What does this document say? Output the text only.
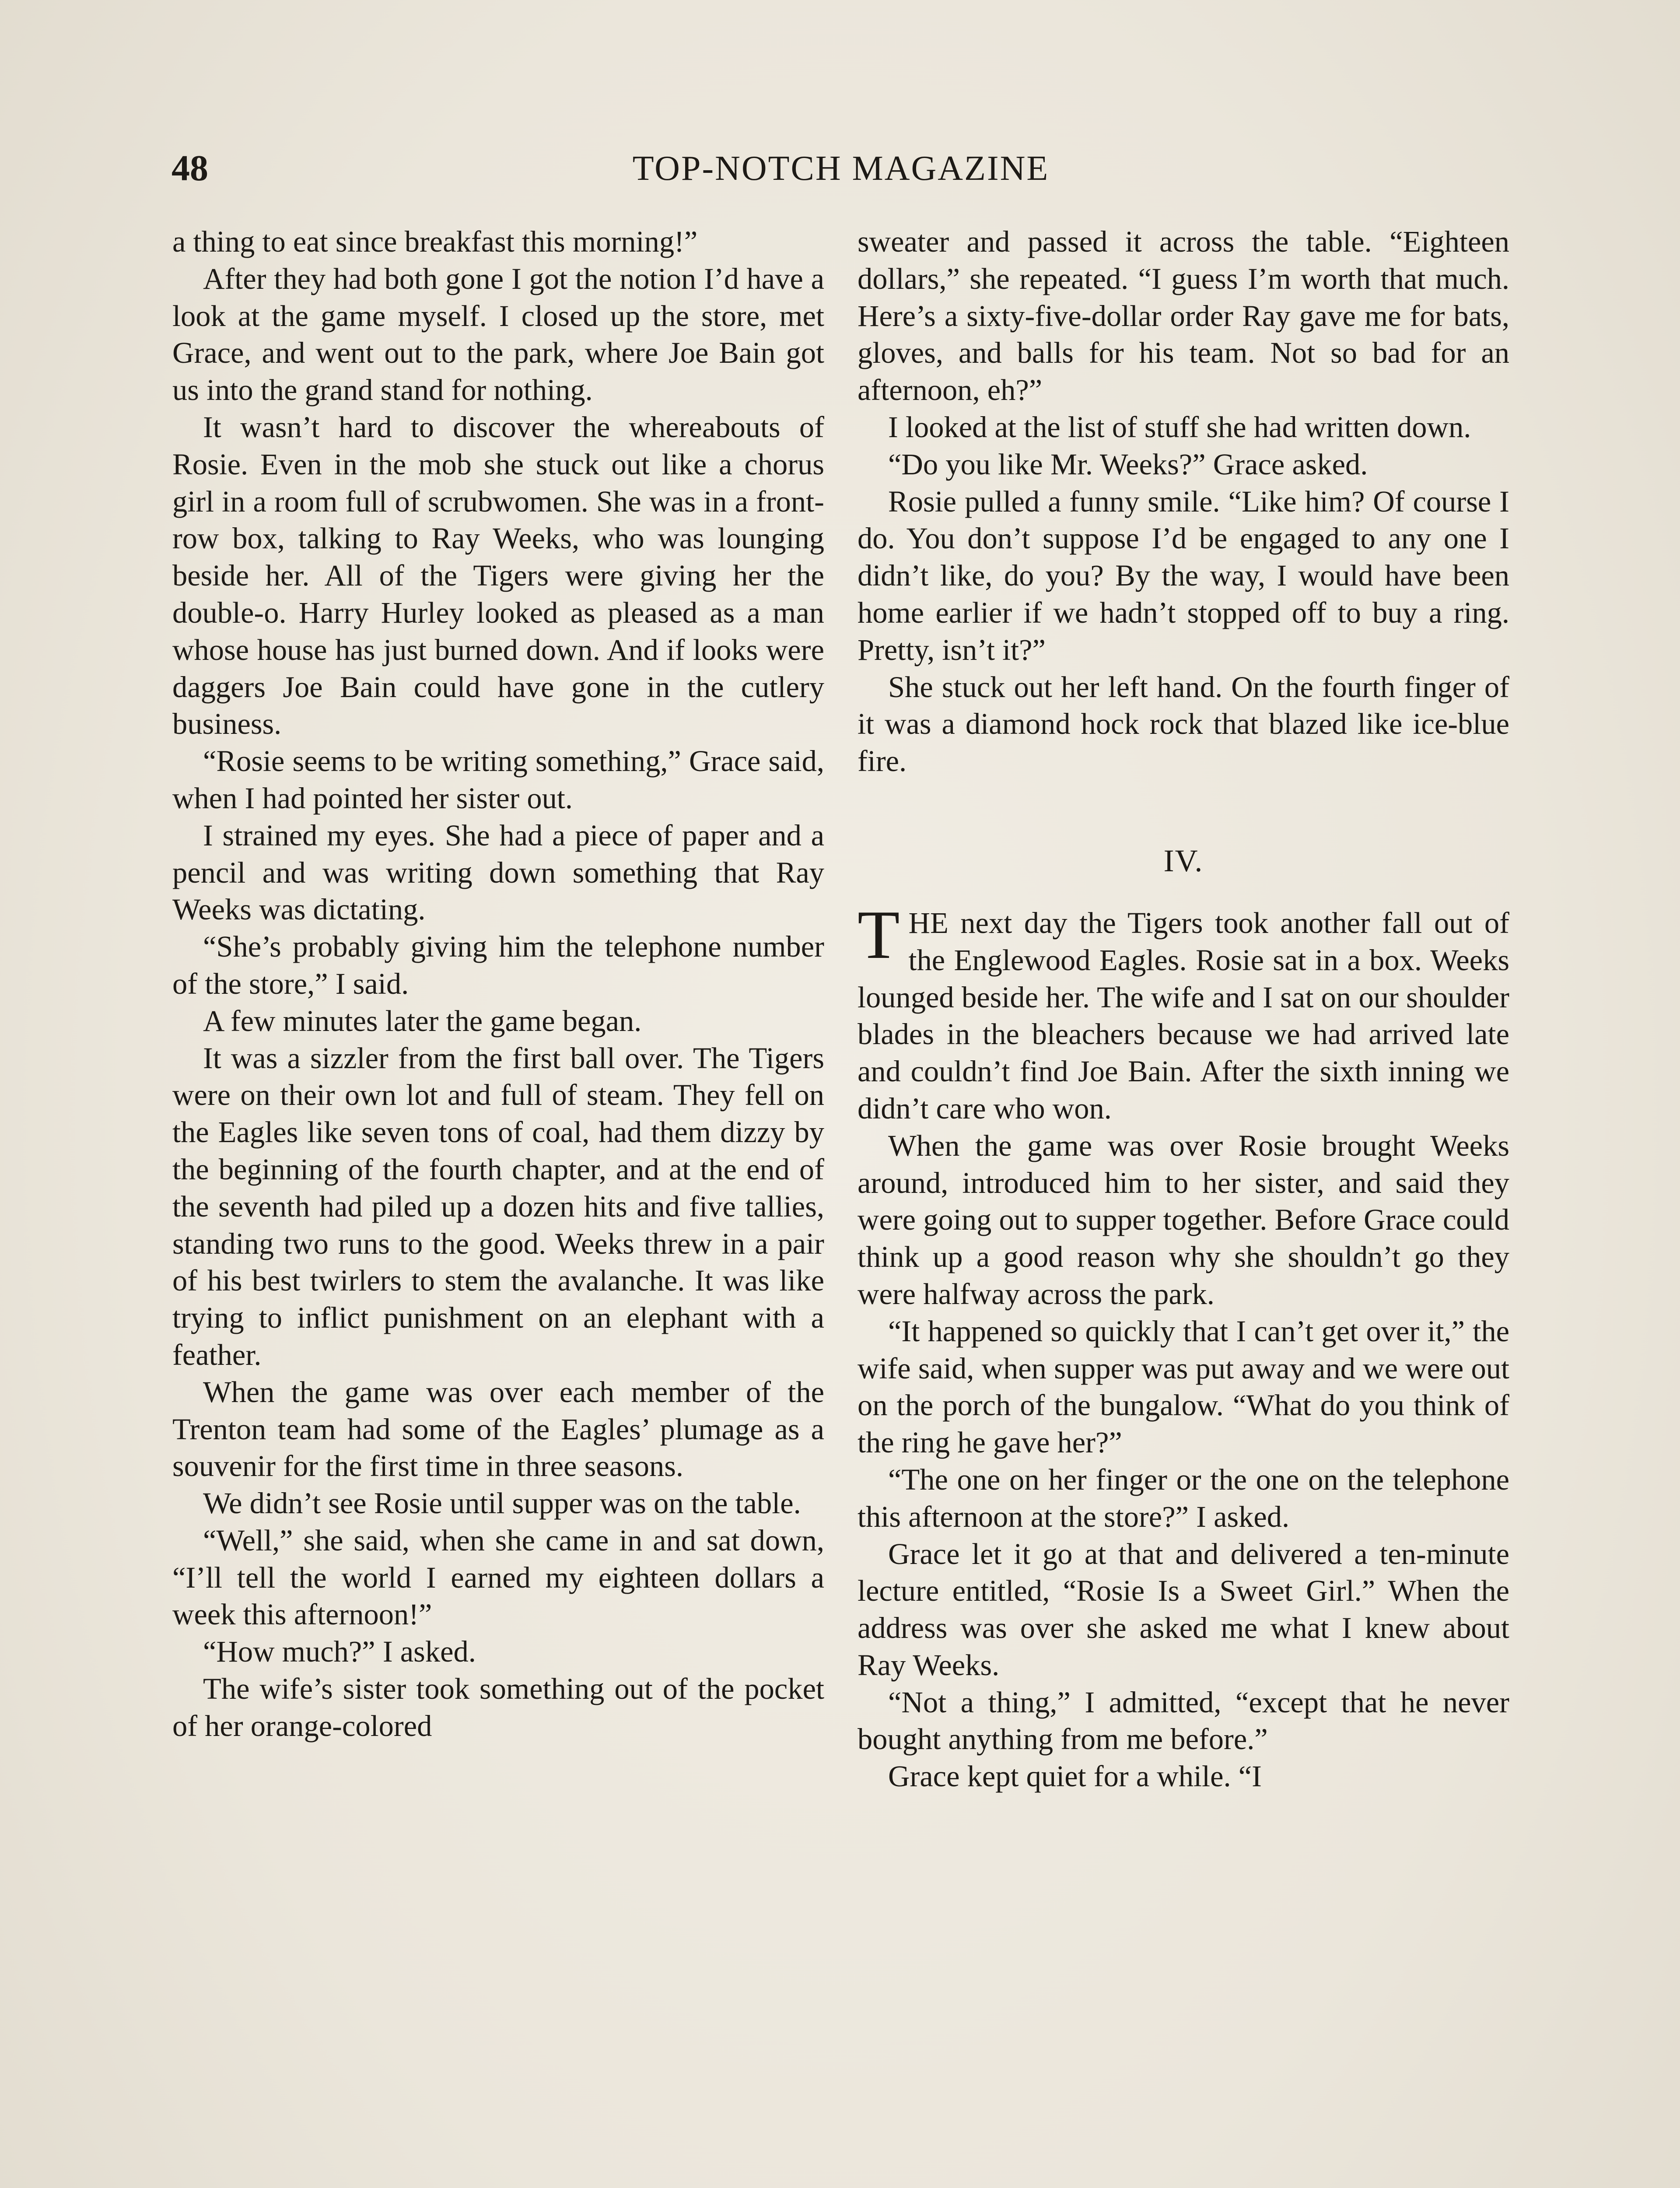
48	TOP-NOTCH MAGAZINE

a thing to eat since breakfast this morning!”

After they had both gone I got the notion I’d have a look at the game myself. I closed up the store, met Grace, and went out to the park, where Joe Bain got us into the grand stand for nothing.

It wasn’t hard to discover the whereabouts of Rosie. Even in the mob she stuck out like a chorus girl in a room full of scrubwomen. She was in a front-row box, talking to Ray Weeks, who was lounging beside her. All of the Tigers were giving her the double-o. Harry Hurley looked as pleased as a man whose house has just burned down. And if looks were daggers Joe Bain could have gone in the cutlery business.

“Rosie seems to be writing something,” Grace said, when I had pointed her sister out.

I strained my eyes. She had a piece of paper and a pencil and was writing down something that Ray Weeks was dictating.

“She’s probably giving him the telephone number of the store,” I said.

A few minutes later the game began.

It was a sizzler from the first ball over. The Tigers were on their own lot and full of steam. They fell on the Eagles like seven tons of coal, had them dizzy by the beginning of the fourth chapter, and at the end of the seventh had piled up a dozen hits and five tallies, standing two runs to the good. Weeks threw in a pair of his best twirlers to stem the avalanche. It was like trying to inflict punishment on an elephant with a feather.

When the game was over each member of the Trenton team had some of the Eagles’ plumage as a souvenir for the first time in three seasons.

We didn’t see Rosie until supper was on the table.

“Well,” she said, when she came in and sat down, “I’ll tell the world I earned my eighteen dollars a week this afternoon!”

“How much?” I asked.

The wife’s sister took something out of the pocket of her orange-colored

sweater and passed it across the table. “Eighteen dollars,” she repeated. “I guess I’m worth that much. Here’s a sixty-five-dollar order Ray gave me for bats, gloves, and balls for his team. Not so bad for an afternoon, eh?”

I looked at the list of stuff she had written down.

“Do you like Mr. Weeks?” Grace asked.

Rosie pulled a funny smile. “Like him? Of course I do. You don’t suppose I’d be engaged to any one I didn’t like, do you? By the way, I would have been home earlier if we hadn’t stopped off to buy a ring. Pretty, isn’t it?”

She stuck out her left hand. On the fourth finger of it was a diamond hock rock that blazed like ice-blue fire.

IV.

THE next day the Tigers took another fall out of the Englewood Eagles. Rosie sat in a box. Weeks lounged beside her. The wife and I sat on our shoulder blades in the bleachers because we had arrived late and couldn’t find Joe Bain. After the sixth inning we didn’t care who won.

When the game was over Rosie brought Weeks around, introduced him to her sister, and said they were going out to supper together. Before Grace could think up a good reason why she shouldn’t go they were halfway across the park.

“It happened so quickly that I can’t get over it,” the wife said, when supper was put away and we were out on the porch of the bungalow. “What do you think of the ring he gave her?”

“The one on her finger or the one on the telephone this afternoon at the store?” I asked.

Grace let it go at that and delivered a ten-minute lecture entitled, “Rosie Is a Sweet Girl.” When the address was over she asked me what I knew about Ray Weeks.

“Not a thing,” I admitted, “except that he never bought anything from me before.”

Grace kept quiet for a while. “I
